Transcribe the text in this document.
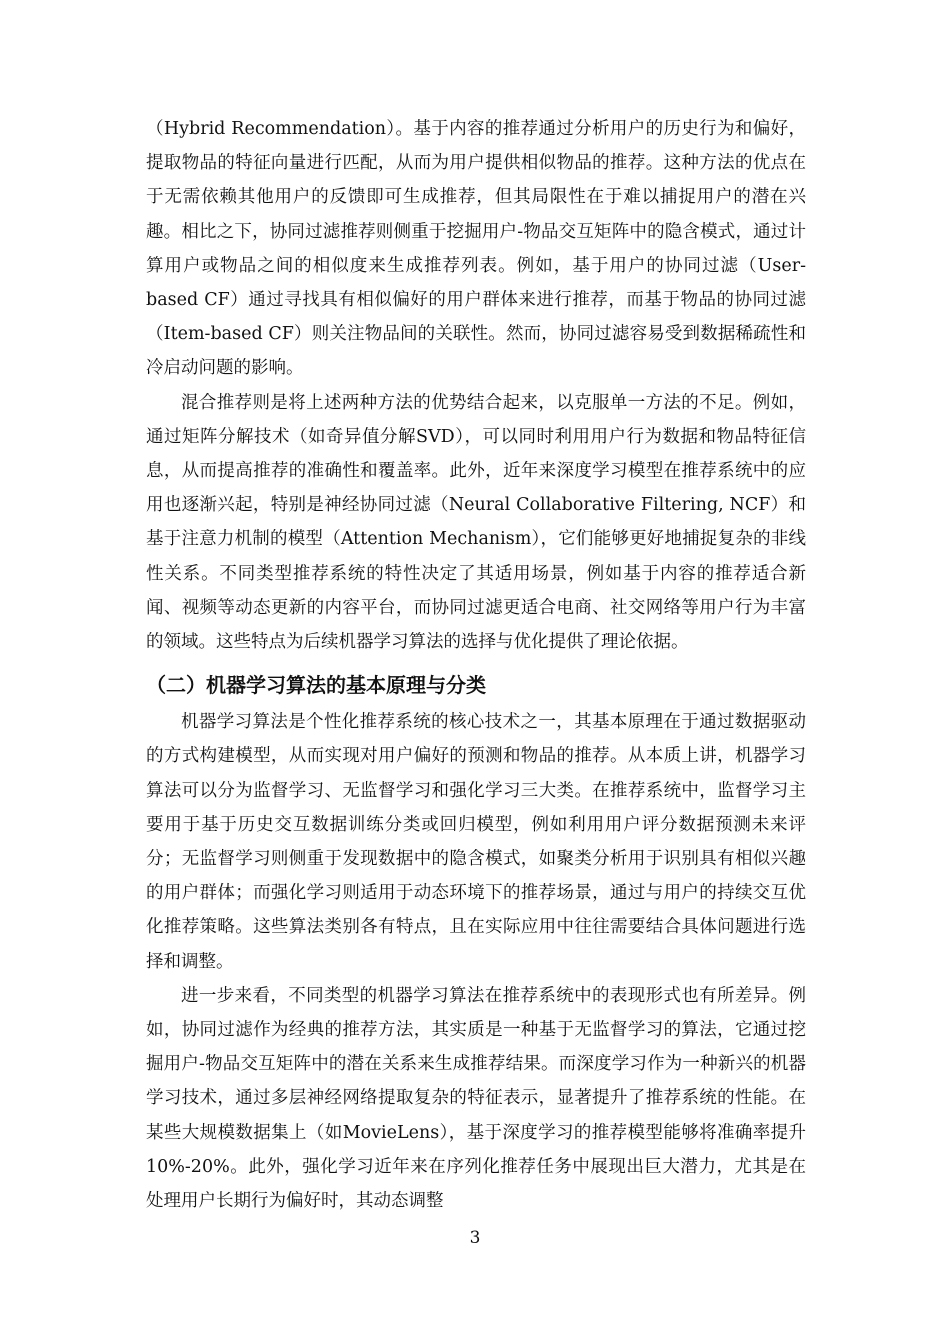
（Hybrid Recommendation）。基于内容的推荐通过分析用户的历史行为和偏好，提取物品的特征向量进行匹配，从而为用户提供相似物品的推荐。这种方法的优点在于无需依赖其他用户的反馈即可生成推荐，但其局限性在于难以捕捉用户的潜在兴趣。相比之下，协同过滤推荐则侧重于挖掘用户-物品交互矩阵中的隐含模式，通过计算用户或物品之间的相似度来生成推荐列表。例如，基于用户的协同过滤（User-based CF）通过寻找具有相似偏好的用户群体来进行推荐，而基于物品的协同过滤（Item-based CF）则关注物品间的关联性。然而，协同过滤容易受到数据稀疏性和冷启动问题的影响。

混合推荐则是将上述两种方法的优势结合起来，以克服单一方法的不足。例如，通过矩阵分解技术（如奇异值分解SVD），可以同时利用用户行为数据和物品特征信息，从而提高推荐的准确性和覆盖率。此外，近年来深度学习模型在推荐系统中的应用也逐渐兴起，特别是神经协同过滤（Neural Collaborative Filtering, NCF）和基于注意力机制的模型（Attention Mechanism），它们能够更好地捕捉复杂的非线性关系。不同类型推荐系统的特性决定了其适用场景，例如基于内容的推荐适合新闻、视频等动态更新的内容平台，而协同过滤更适合电商、社交网络等用户行为丰富的领域。这些特点为后续机器学习算法的选择与优化提供了理论依据。

（二）机器学习算法的基本原理与分类

机器学习算法是个性化推荐系统的核心技术之一，其基本原理在于通过数据驱动的方式构建模型，从而实现对用户偏好的预测和物品的推荐。从本质上讲，机器学习算法可以分为监督学习、无监督学习和强化学习三大类。在推荐系统中，监督学习主要用于基于历史交互数据训练分类或回归模型，例如利用用户评分数据预测未来评分；无监督学习则侧重于发现数据中的隐含模式，如聚类分析用于识别具有相似兴趣的用户群体；而强化学习则适用于动态环境下的推荐场景，通过与用户的持续交互优化推荐策略。这些算法类别各有特点，且在实际应用中往往需要结合具体问题进行选择和调整。

进一步来看，不同类型的机器学习算法在推荐系统中的表现形式也有所差异。例如，协同过滤作为经典的推荐方法，其实质是一种基于无监督学习的算法，它通过挖掘用户-物品交互矩阵中的潜在关系来生成推荐结果。而深度学习作为一种新兴的机器学习技术，通过多层神经网络提取复杂的特征表示，显著提升了推荐系统的性能。在某些大规模数据集上（如MovieLens），基于深度学习的推荐模型能够将准确率提升10%-20%。此外，强化学习近年来在序列化推荐任务中展现出巨大潜力，尤其是在处理用户长期行为偏好时，其动态调整

3
